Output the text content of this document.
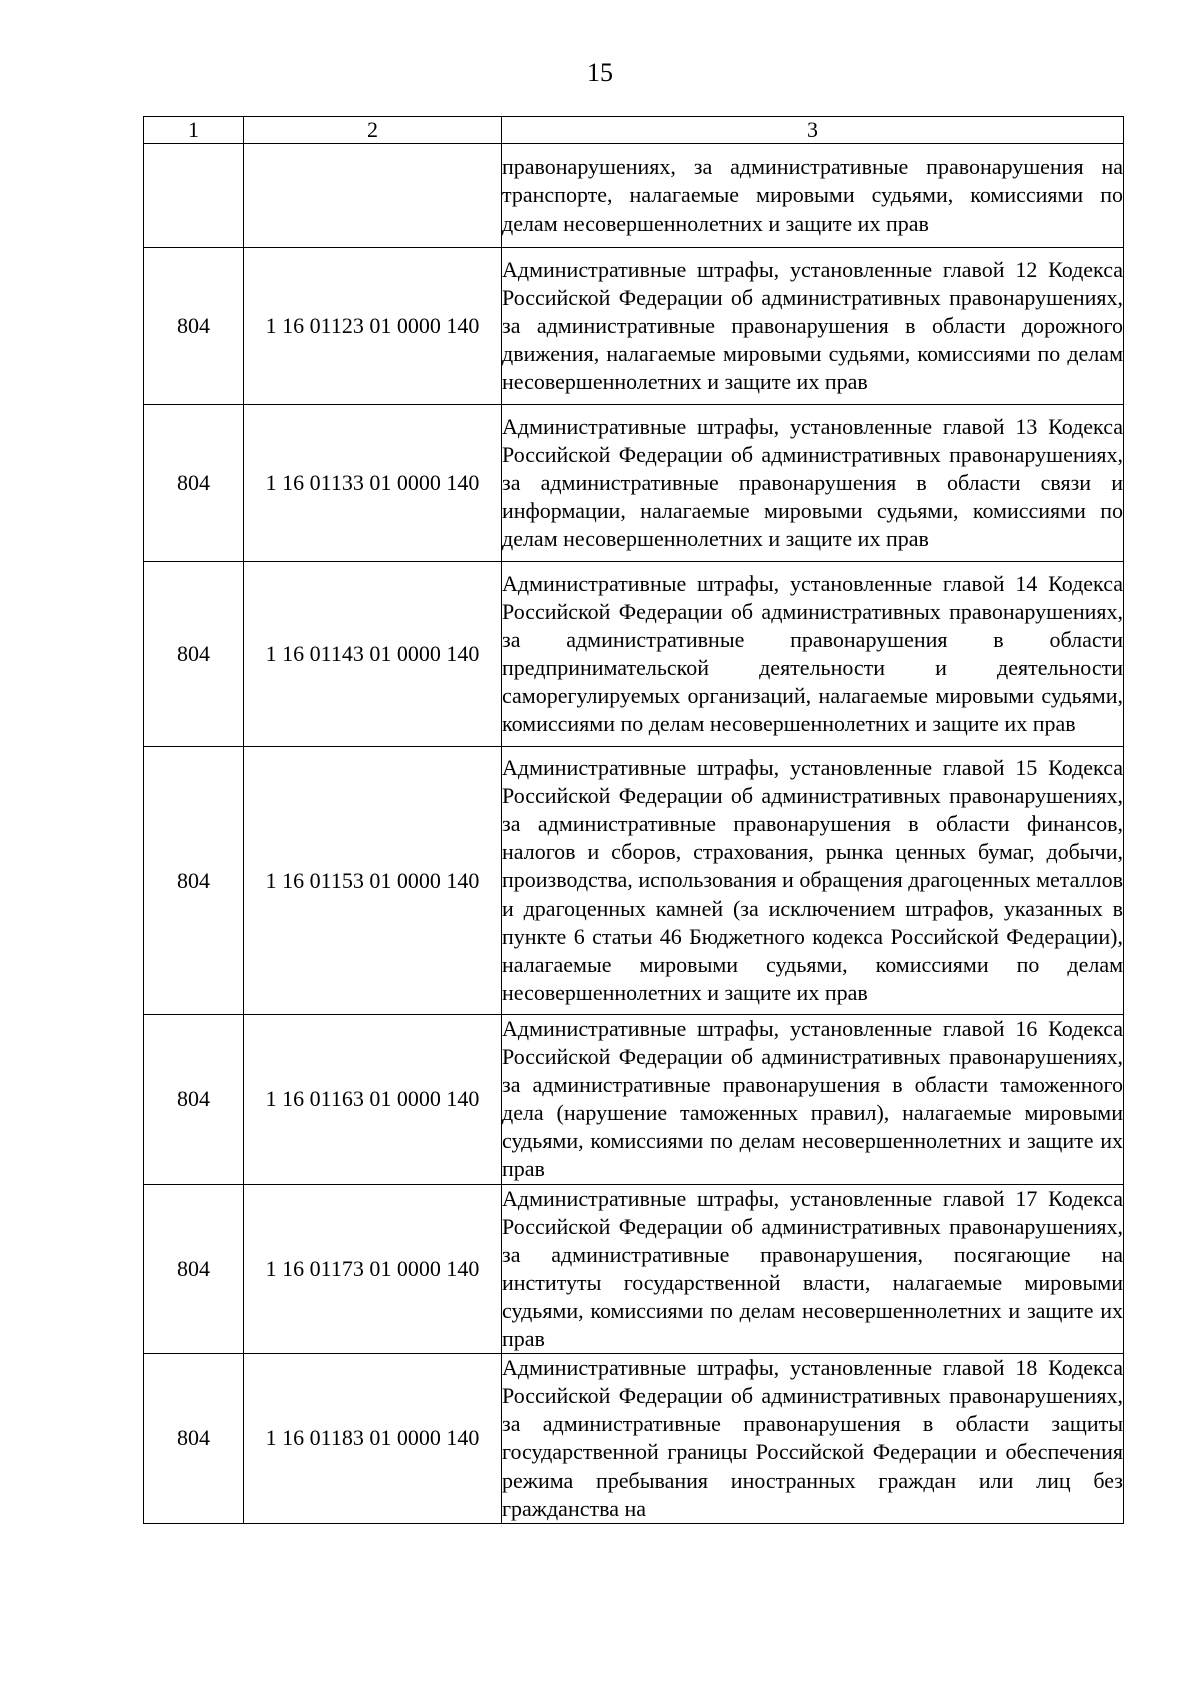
15
1	2	3
		правонарушениях, за административные правонарушения на транспорте, налагаемые мировыми судьями, комиссиями по делам несовершеннолетних и защите их прав
804	1 16 01123 01 0000 140	Административные штрафы, установленные главой 12 Кодекса Российской Федерации об административных правонарушениях, за административные правонарушения в области дорожного движения, налагаемые мировыми судьями, комиссиями по делам несовершеннолетних и защите их прав
804	1 16 01133 01 0000 140	Административные штрафы, установленные главой 13 Кодекса Российской Федерации об административных правонарушениях, за административные правонарушения в области связи и информации, налагаемые мировыми судьями, комиссиями по делам несовершеннолетних и защите их прав
804	1 16 01143 01 0000 140	Административные штрафы, установленные главой 14 Кодекса Российской Федерации об административных правонарушениях, за административные правонарушения в области предпринимательской деятельности и деятельности саморегулируемых организаций, налагаемые мировыми судьями, комиссиями по делам несовершеннолетних и защите их прав
804	1 16 01153 01 0000 140	Административные штрафы, установленные главой 15 Кодекса Российской Федерации об административных правонарушениях, за административные правонарушения в области финансов, налогов и сборов, страхования, рынка ценных бумаг, добычи, производства, использования и обращения драгоценных металлов и драгоценных камней (за исключением штрафов, указанных в пункте 6 статьи 46 Бюджетного кодекса Российской Федерации), налагаемые мировыми судьями, комиссиями по делам несовершеннолетних и защите их прав
804	1 16 01163 01 0000 140	Административные штрафы, установленные главой 16 Кодекса Российской Федерации об административных правонарушениях, за административные правонарушения в области таможенного дела (нарушение таможенных правил), налагаемые мировыми судьями, комиссиями по делам несовершеннолетних и защите их прав
804	1 16 01173 01 0000 140	Административные штрафы, установленные главой 17 Кодекса Российской Федерации об административных правонарушениях, за административные правонарушения, посягающие на институты государственной власти, налагаемые мировыми судьями, комиссиями по делам несовершеннолетних и защите их прав
804	1 16 01183 01 0000 140	Административные штрафы, установленные главой 18 Кодекса Российской Федерации об административных правонарушениях, за административные правонарушения в области защиты государственной границы Российской Федерации и обеспечения режима пребывания иностранных граждан или лиц без гражданства на
